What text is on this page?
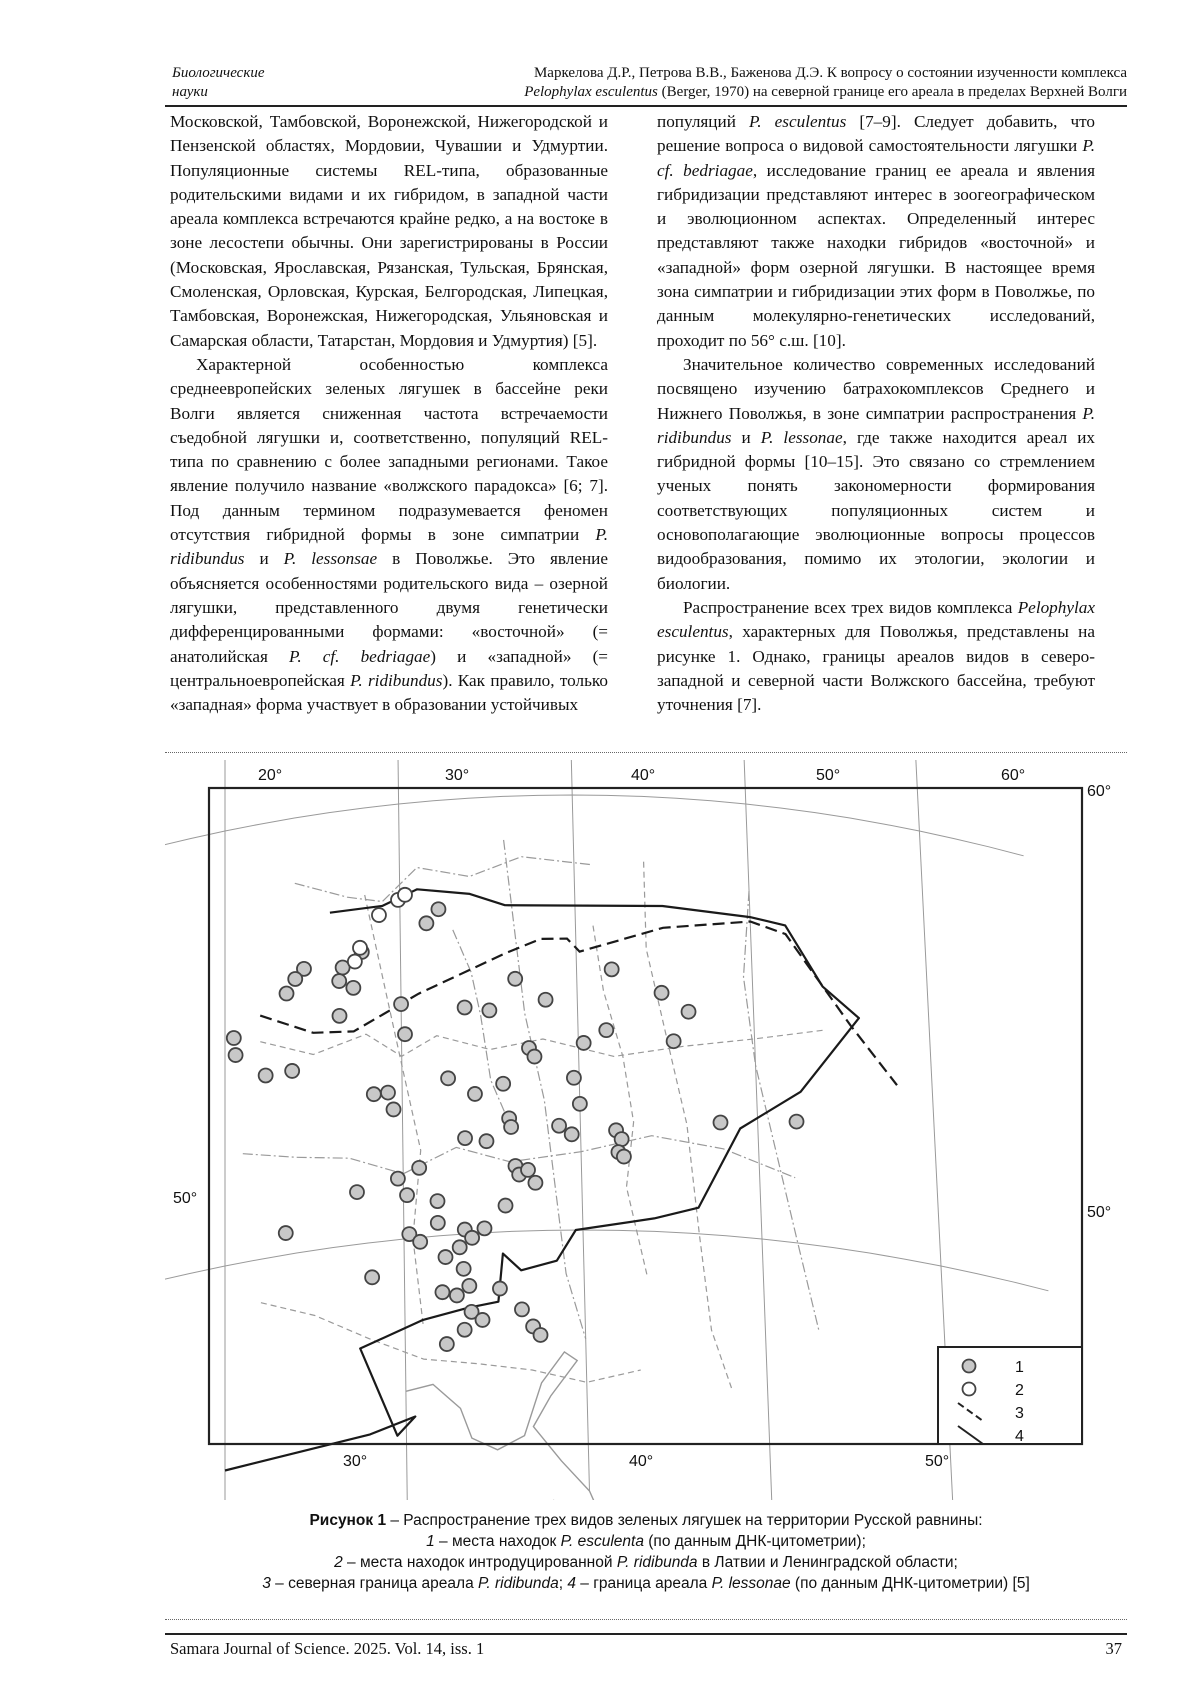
Биологические
науки
Маркелова Д.Р., Петрова В.В., Баженова Д.Э. К вопросу о состоянии изученности комплекса
Pelophylax esculentus (Berger, 1970) на северной границе его ареала в пределах Верхней Волги

Московской, Тамбовской, Воронежской, Нижегородской и Пензенской областях, Мордовии, Чувашии и Удмуртии. Популяционные системы REL-типа, образованные родительскими видами и их гибридом, в западной части ареала комплекса встречаются крайне редко, а на востоке в зоне лесостепи обычны. Они зарегистрированы в России (Московская, Ярославская, Рязанская, Тульская, Брянская, Смоленская, Орловская, Курская, Белгородская, Липецкая, Тамбовская, Воронежская, Нижегородская, Ульяновская и Самарская области, Татарстан, Мордовия и Удмуртия) [5].

Характерной особенностью комплекса среднеевропейских зеленых лягушек в бассейне реки Волги является сниженная частота встречаемости съедобной лягушки и, соответственно, популяций REL-типа по сравнению с более западными регионами. Такое явление получило название «волжского парадокса» [6; 7]. Под данным термином подразумевается феномен отсутствия гибридной формы в зоне симпатрии P. ridibundus и P. lessonsae в Поволжье. Это явление объясняется особенностями родительского вида – озерной лягушки, представленного двумя генетически дифференцированными формами: «восточной» (= анатолийская P. cf. bedriagae) и «западной» (= центральноевропейская P. ridibundus). Как правило, только «западная» форма участвует в образовании устойчивых

популяций P. esculentus [7–9]. Следует добавить, что решение вопроса о видовой самостоятельности лягушки P. cf. bedriagae, исследование границ ее ареала и явления гибридизации представляют интерес в зоогеографическом и эволюционном аспектах. Определенный интерес представляют также находки гибридов «восточной» и «западной» форм озерной лягушки. В настоящее время зона симпатрии и гибридизации этих форм в Поволжье, по данным молекулярно-генетических исследований, проходит по 56° с.ш. [10].

Значительное количество современных исследований посвящено изучению батрахокомплексов Среднего и Нижнего Поволжья, в зоне симпатрии распространения P. ridibundus и P. lessonae, где также находится ареал их гибридной формы [10–15]. Это связано со стремлением ученых понять закономерности формирования соответствующих популяционных систем и основополагающие эволюционные вопросы процессов видообразования, помимо их этологии, экологии и биологии.

Распространение всех трех видов комплекса Pelophylax esculentus, характерных для Поволжья, представлены на рисунке 1. Однако, границы ареалов видов в северо-западной и северной части Волжского бассейна, требуют уточнения [7].

20°	30°	40°	50°	60°
30°	40°	50°
50°
60°
50°
1
2
3
4
Рисунок 1 – Распространение трех видов зеленых лягушек на территории Русской равнины:
1 – места находок P. esculenta (по данным ДНК-цитометрии);
2 – места находок интродуцированной P. ridibunda в Латвии и Ленинградской области;
3 – северная граница ареала P. ridibunda; 4 – граница ареала P. lessonae (по данным ДНК-цитометрии) [5]
Samara Journal of Science. 2025. Vol. 14, iss. 1	37
